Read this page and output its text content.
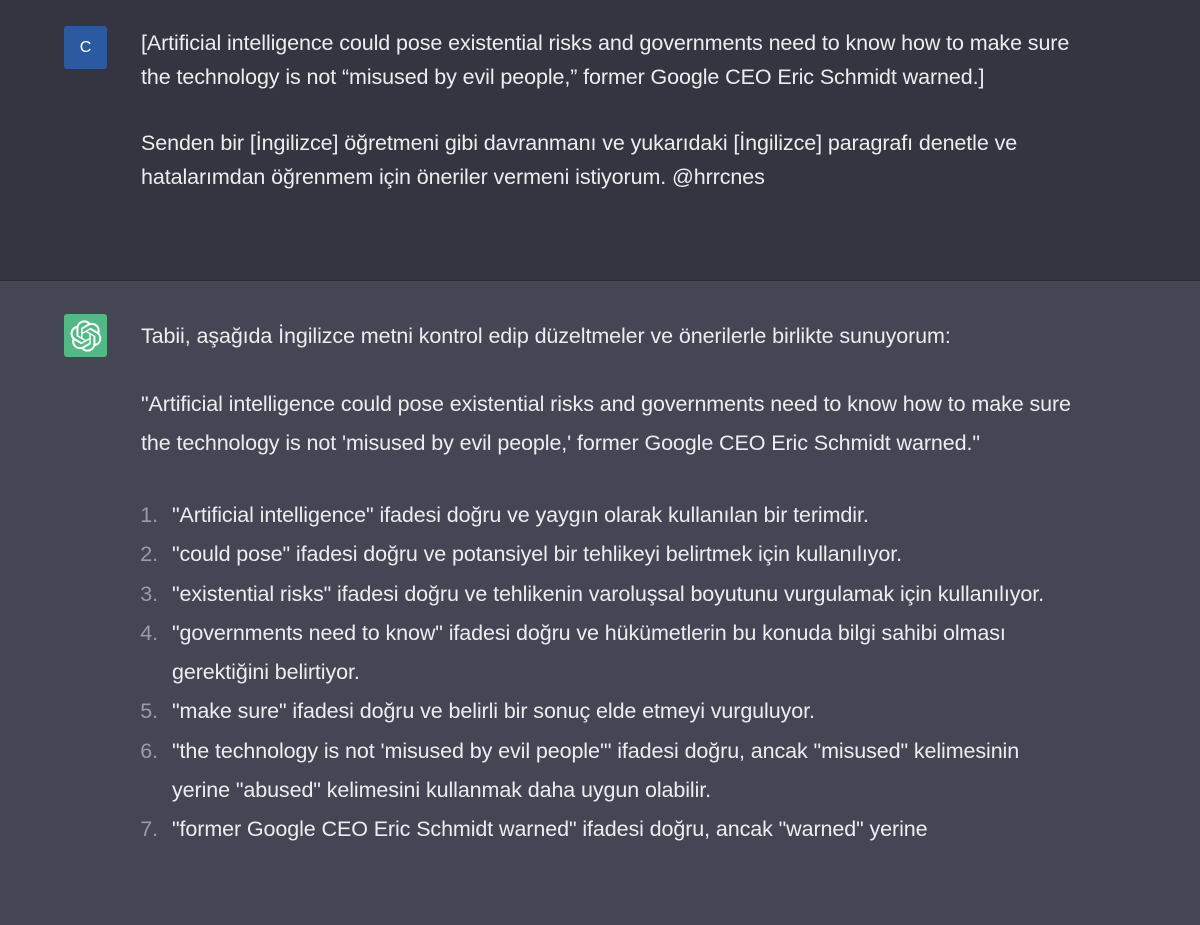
C [Artificial intelligence could pose existential risks and governments need to know how to make sure the technology is not “misused by evil people,” former Google CEO Eric Schmidt warned.]

Senden bir [İngilizce] öğretmeni gibi davranmanı ve yukarıdaki [İngilizce] paragrafı denetle ve hatalarımdan öğrenmem için öneriler vermeni istiyorum. @hrrcnes

Tabii, aşağıda İngilizce metni kontrol edip düzeltmeler ve önerilerle birlikte sunuyorum:

"Artificial intelligence could pose existential risks and governments need to know how to make sure the technology is not 'misused by evil people,' former Google CEO Eric Schmidt warned."

1. "Artificial intelligence" ifadesi doğru ve yaygın olarak kullanılan bir terimdir.
2. "could pose" ifadesi doğru ve potansiyel bir tehlikeyi belirtmek için kullanılıyor.
3. "existential risks" ifadesi doğru ve tehlikenin varoluşsal boyutunu vurgulamak için kullanılıyor.
4. "governments need to know" ifadesi doğru ve hükümetlerin bu konuda bilgi sahibi olması gerektiğini belirtiyor.
5. "make sure" ifadesi doğru ve belirli bir sonuç elde etmeyi vurguluyor.
6. "the technology is not 'misused by evil people'" ifadesi doğru, ancak "misused" kelimesinin yerine "abused" kelimesini kullanmak daha uygun olabilir.
7. "former Google CEO Eric Schmidt warned" ifadesi doğru, ancak "warned" yerine
